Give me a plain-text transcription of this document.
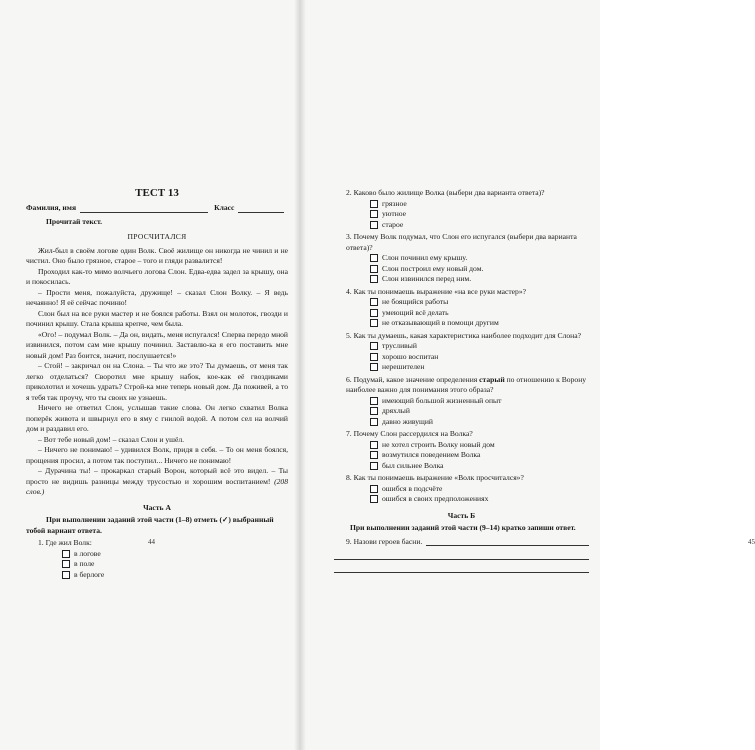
ТЕСТ 13
Фамилия, имя	Класс
Прочитай текст.
ПРОСЧИТАЛСЯ

Жил-был в своём логове один Волк. Своё жилище он никогда не чинил и не чистил. Оно было грязное, старое – того и гляди развалится!

Проходил как-то мимо волчьего логова Слон. Едва-едва задел за крышу, она и покосилась.

– Прости меня, пожалуйста, дружище! – сказал Слон Волку. – Я ведь нечаянно! Я её сейчас починю!

Слон был на все руки мастер и не боялся работы. Взял он молоток, гвозди и починил крышу. Стала крыша крепче, чем была.

«Ого! – подумал Волк. – Да он, видать, меня испугался! Сперва передо мной извинился, потом сам мне крышу починил. Заставлю-ка я его поставить мне новый дом! Раз боится, значит, послушается!»

– Стой! – закричал он на Слона. – Ты что же это? Ты думаешь, от меня так легко отделаться? Своротил мне крышу набок, кое-как её гвоздиками приколотил и хочешь удрать? Строй-ка мне теперь новый дом. Да поживей, а то я тебя так проучу, что ты своих не узнаешь.

Ничего не ответил Слон, услышав такие слова. Он легко схватил Волка поперёк живота и швырнул его в яму с гнилой водой. А потом сел на волчий дом и раздавил его.

– Вот тебе новый дом! – сказал Слон и ушёл.

– Ничего не понимаю! – удивился Волк, придя в себя. – То он меня боялся, прощения просил, а потом так поступил... Ничего не понимаю!

– Дурачина ты! – прокаркал старый Ворон, который всё это видел. – Ты просто не видишь разницы между трусостью и хорошим воспитанием! (208 слов.)

Часть А
При выполнении заданий этой части (1–8) отметь (✓) выбранный тобой вариант ответа.
1. Где жил Волк:
в логове
в поле
в берлоге
44	45
2. Каково было жилище Волка (выбери два варианта ответа)?
грязное
уютное
старое
3. Почему Волк подумал, что Слон его испугался (выбери два варианта ответа)?
Слон починил ему крышу.
Слон построил ему новый дом.
Слон извинился перед ним.
4. Как ты понимаешь выражение «на все руки мастер»?
не боящийся работы
умеющий всё делать
не отказывающий в помощи другим
5. Как ты думаешь, какая характеристика наиболее подходит для Слона?
трусливый
хорошо воспитан
нерешителен
6. Подумай, какое значение определения старый по отношению к Ворону наиболее важно для понимания этого образа?
имеющий большой жизненный опыт
дряхлый
давно живущий
7. Почему Слон рассердился на Волка?
не хотел строить Волку новый дом
возмутился поведением Волка
был сильнее Волка
8. Как ты понимаешь выражение «Волк просчитался»?
ошибся в подсчёте
ошибся в своих предположениях
Часть Б
При выполнении заданий этой части (9–14) кратко запиши ответ.
9. Назови героев басни.
